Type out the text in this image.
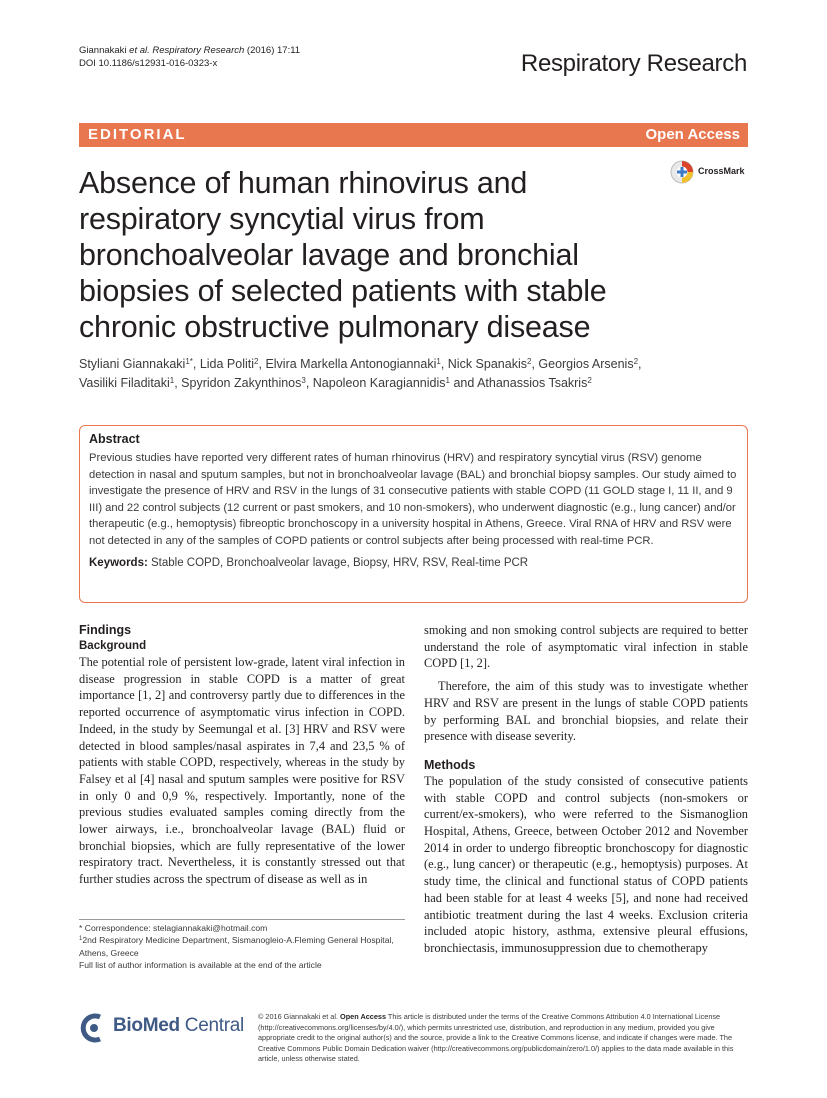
Giannakaki et al. Respiratory Research (2016) 17:11
DOI 10.1186/s12931-016-0323-x	Respiratory Research
EDITORIAL	Open Access
CrossMark
Absence of human rhinovirus and respiratory syncytial virus from bronchoalveolar lavage and bronchial biopsies of selected patients with stable chronic obstructive pulmonary disease
Styliani Giannakaki$^{1*}$, Lida Politi$^2$, Elvira Markella Antonogiannaki$^1$, Nick Spanakis$^2$, Georgios Arsenis$^2$, Vasiliki Filaditaki$^1$, Spyridon Zakynthinos$^3$, Napoleon Karagiannidis$^1$ and Athanassios Tsakris$^2$
Abstract
Previous studies have reported very different rates of human rhinovirus (HRV) and respiratory syncytial virus (RSV) genome detection in nasal and sputum samples, but not in bronchoalveolar lavage (BAL) and bronchial biopsy samples. Our study aimed to investigate the presence of HRV and RSV in the lungs of 31 consecutive patients with stable COPD (11 GOLD stage I, 11 II, and 9 III) and 22 control subjects (12 current or past smokers, and 10 non-smokers), who underwent diagnostic (e.g., lung cancer) and/or therapeutic (e.g., hemoptysis) fibreoptic bronchoscopy in a university hospital in Athens, Greece. Viral RNA of HRV and RSV were not detected in any of the samples of COPD patients or control subjects after being processed with real-time PCR.
Keywords: Stable COPD, Bronchoalveolar lavage, Biopsy, HRV, RSV, Real-time PCR
Findings
Background

The potential role of persistent low-grade, latent viral infection in disease progression in stable COPD is a matter of great importance [1, 2] and controversy partly due to differences in the reported occurrence of asymptomatic virus infection in COPD. Indeed, in the study by Seemungal et al. [3] HRV and RSV were detected in blood samples/nasal aspirates in 7,4 and 23,5 % of patients with stable COPD, respectively, whereas in the study by Falsey et al [4] nasal and sputum samples were positive for RSV in only 0 and 0,9 %, respectively. Importantly, none of the previous studies evaluated samples coming directly from the lower airways, i.e., bronchoalveolar lavage (BAL) fluid or bronchial biopsies, which are fully representative of the lower respiratory tract. Nevertheless, it is constantly stressed out that further studies across the spectrum of disease as well as in

smoking and non smoking control subjects are required to better understand the role of asymptomatic viral infection in stable COPD [1, 2].

Therefore, the aim of this study was to investigate whether HRV and RSV are present in the lungs of stable COPD patients by performing BAL and bronchial biopsies, and relate their presence with disease severity.

Methods

The population of the study consisted of consecutive patients with stable COPD and control subjects (non-smokers or current/ex-smokers), who were referred to the Sismanoglion Hospital, Athens, Greece, between October 2012 and November 2014 in order to undergo fibreoptic bronchoscopy for diagnostic (e.g., lung cancer) or therapeutic (e.g., hemoptysis) purposes. At study time, the clinical and functional status of COPD patients had been stable for at least 4 weeks [5], and none had received antibiotic treatment during the last 4 weeks. Exclusion criteria included atopic history, asthma, extensive pleural effusions, bronchiectasis, immunosuppression due to chemotherapy

* Correspondence: stelagiannakaki@hotmail.com
$^1$2nd Respiratory Medicine Department, Sismanogleio-A.Fleming General Hospital, Athens, Greece
Full list of author information is available at the end of the article
BioMed Central © 2016 Giannakaki et al. Open Access This article is distributed under the terms of the Creative Commons Attribution 4.0 International License (http://creativecommons.org/licenses/by/4.0/), which permits unrestricted use, distribution, and reproduction in any medium, provided you give appropriate credit to the original author(s) and the source, provide a link to the Creative Commons license, and indicate if changes were made. The Creative Commons Public Domain Dedication waiver (http://creativecommons.org/publicdomain/zero/1.0/) applies to the data made available in this article, unless otherwise stated.
